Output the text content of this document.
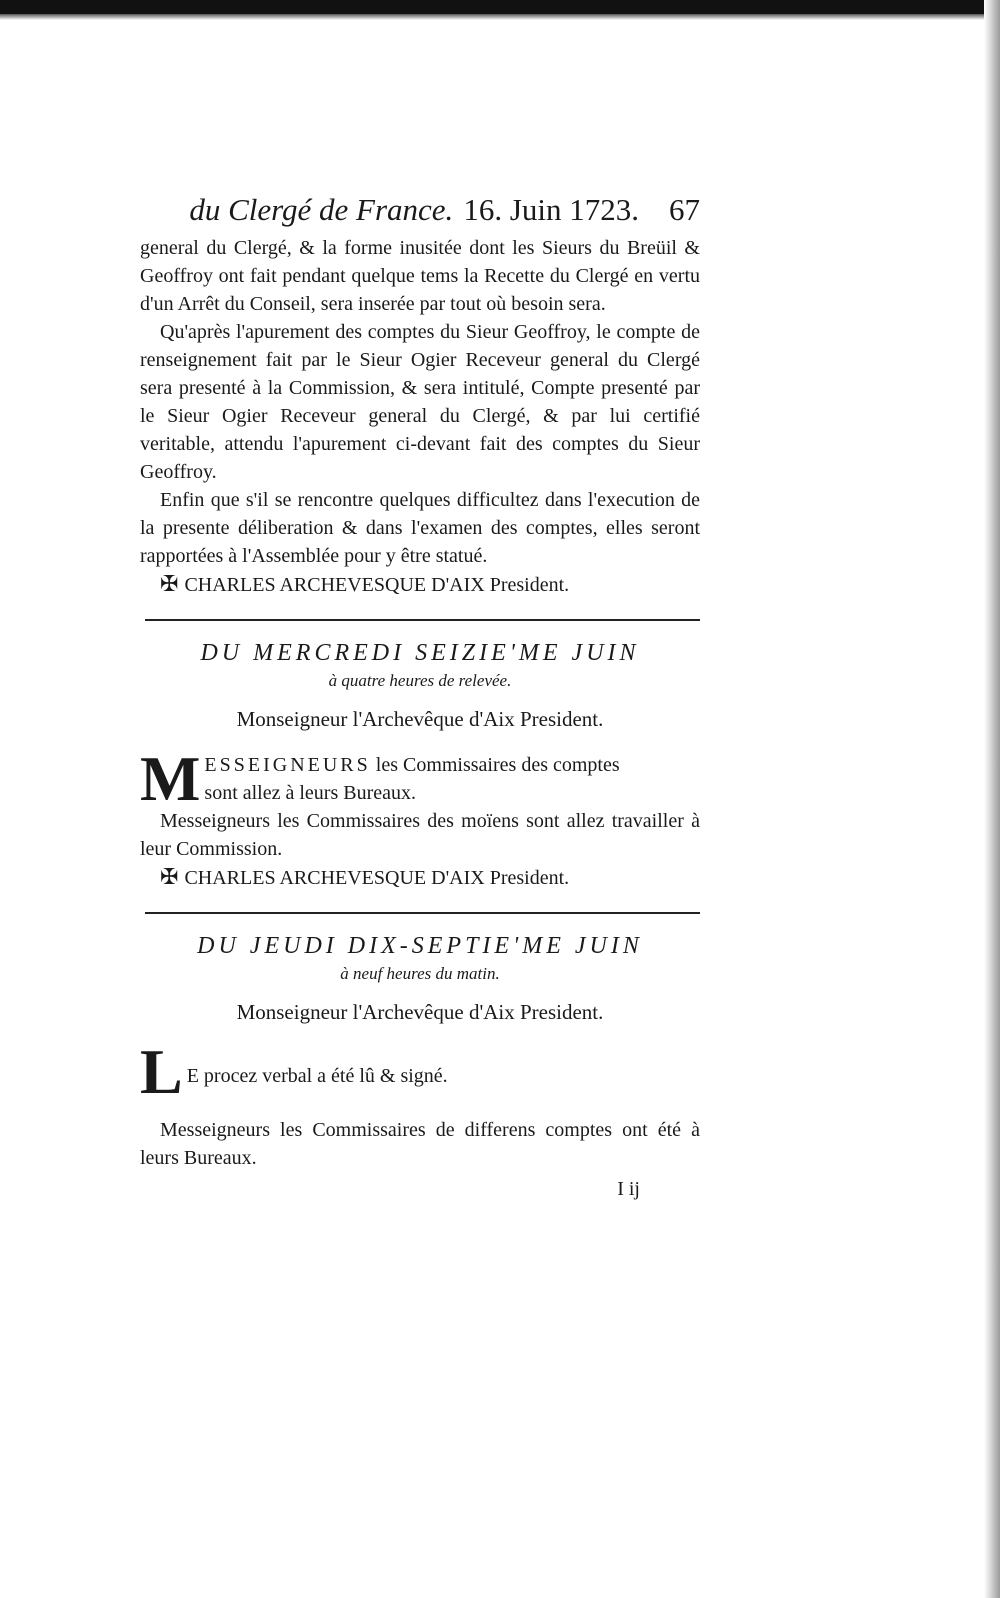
du Clergé de France. 16. Juin 1723. 67

general du Clergé, & la forme inusitée dont les Sieurs du Breüil & Geoffroy ont fait pendant quelque tems la Recette du Clergé en vertu d'un Arrêt du Conseil, sera inserée par tout où besoin sera.

Qu'après l'apurement des comptes du Sieur Geoffroy, le compte de renseignement fait par le Sieur Ogier Receveur general du Clergé sera presenté à la Commission, & sera intitulé, Compte presenté par le Sieur Ogier Receveur general du Clergé, & par lui certifié veritable, attendu l'apurement ci-devant fait des comptes du Sieur Geoffroy.

Enfin que s'il se rencontre quelques difficultez dans l'execution de la presente déliberation & dans l'examen des comptes, elles seront rapportées à l'Assemblée pour y être statué.

✠ CHARLES ARCHEVESQUE D'AIX President.

DU MERCREDI SEIZIE'ME JUIN

à quatre heures de relevée.

Monseigneur l'Archevêque d'Aix President.

M ESSEIGNEURS les Commissaires des comptes

sont allez à leurs Bureaux.

Messeigneurs les Commissaires des moïens sont allez travailler à leur Commission.

✠ CHARLES ARCHEVESQUE D'AIX President.

DU JEUDI DIX-SEPTIE'ME JUIN

à neuf heures du matin.

Monseigneur l'Archevêque d'Aix President.

L E procez verbal a été lû & signé.

Messeigneurs les Commissaires de differens comptes ont été à leurs Bureaux.

I ij
